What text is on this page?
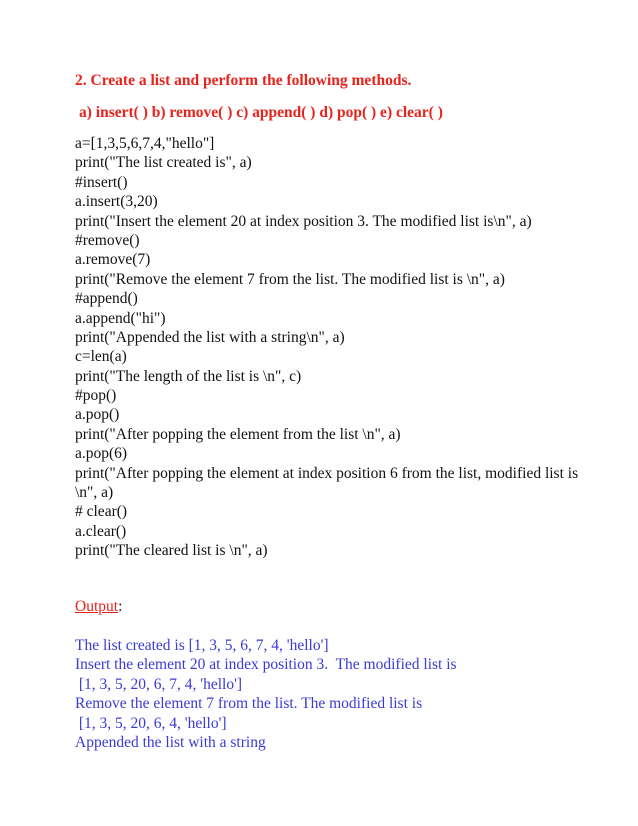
2. Create a list and perform the following methods.
a) insert( ) b) remove( ) c) append( ) d) pop( ) e) clear( )
a=[1,3,5,6,7,4,"hello"]
print("The list created is", a)
#insert()
a.insert(3,20)
print("Insert the element 20 at index position 3. The modified list is\n", a)
#remove()
a.remove(7)
print("Remove the element 7 from the list. The modified list is \n", a)
#append()
a.append("hi")
print("Appended the list with a string\n", a)
c=len(a)
print("The length of the list is \n", c)
#pop()
a.pop()
print("After popping the element from the list \n", a)
a.pop(6)
print("After popping the element at index position 6 from the list, modified list is
\n", a)
# clear()
a.clear()
print("The cleared list is \n", a)
Output:
The list created is [1, 3, 5, 6, 7, 4, 'hello']
Insert the element 20 at index position 3.  The modified list is
[1, 3, 5, 20, 6, 7, 4, 'hello']
Remove the element 7 from the list. The modified list is
[1, 3, 5, 20, 6, 4, 'hello']
Appended the list with a string
